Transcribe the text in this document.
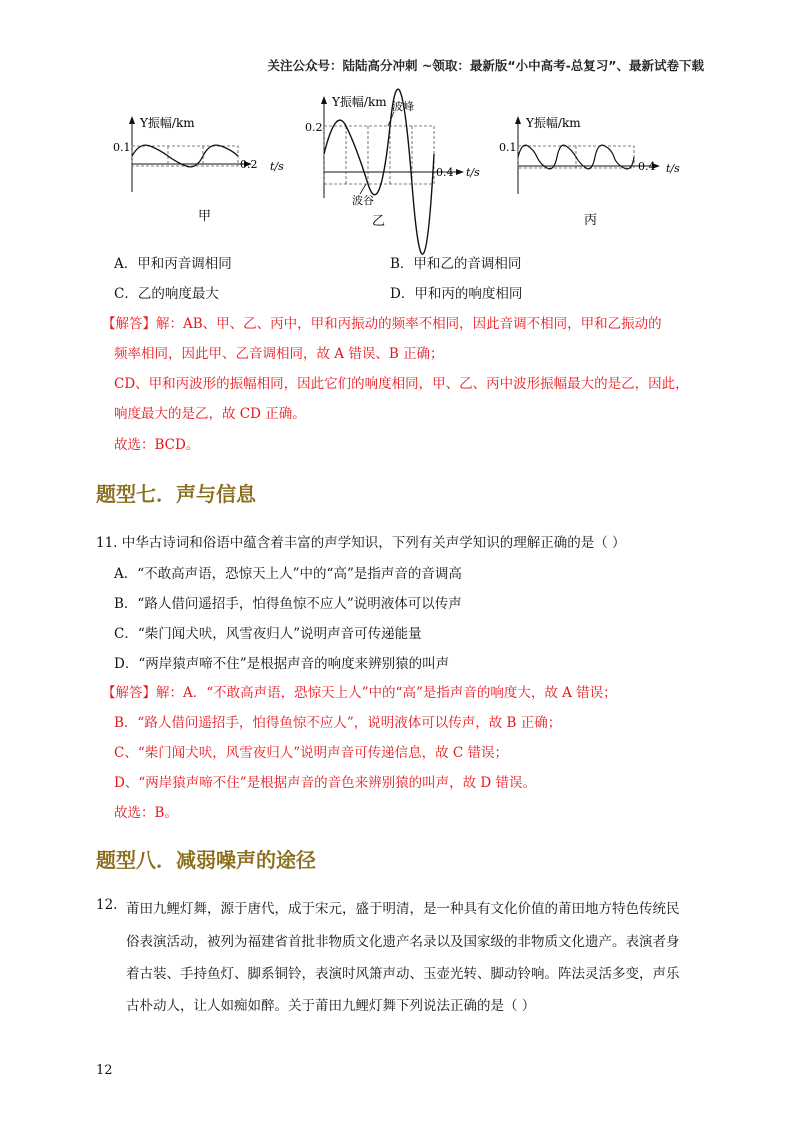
关注公众号：陆陆高分冲刺 ~领取：最新版“小中高考-总复习”、最新试卷下载
Y振幅/km
0.1
0.2 t/s
甲
Y振幅/km
0.2
0.4 t/s
波峰
波谷
乙
Y振幅/km
0.1
0.4 t/s
丙
A．甲和丙音调相同	B．甲和乙的音调相同
C．乙的响度最大	D．甲和丙的响度相同
【解答】解：AB、甲、乙、丙中，甲和丙振动的频率不相同，因此音调不相同，甲和乙振动的
频率相同，因此甲、乙音调相同，故 A 错误、B 正确；
CD、甲和丙波形的振幅相同，因此它们的响度相同，甲、乙、丙中波形振幅最大的是乙，因此，
响度最大的是乙，故 CD 正确。
故选：BCD。
题型七．声与信息
11. 中华古诗词和俗语中蕴含着丰富的声学知识，下列有关声学知识的理解正确的是（ ）
A．“不敢高声语，恐惊天上人”中的“高”是指声音的音调高
B．“路人借问遥招手，怕得鱼惊不应人”说明液体可以传声
C．“柴门闻犬吠，风雪夜归人”说明声音可传递能量
D．“两岸猿声啼不住”是根据声音的响度来辨别猿的叫声
【解答】解：A．“不敢高声语，恐惊天上人”中的“高”是指声音的响度大，故 A 错误；
B．“路人借问遥招手，怕得鱼惊不应人”，说明液体可以传声，故 B 正确；
C、“柴门闻犬吠，风雪夜归人”说明声音可传递信息，故 C 错误；
D、“两岸猿声啼不住”是根据声音的音色来辨别猿的叫声，故 D 错误。
故选：B。
题型八．减弱噪声的途径
12. 莆田九鲤灯舞，源于唐代，成于宋元，盛于明清，是一种具有文化价值的莆田地方特色传统民
俗表演活动，被列为福建省首批非物质文化遗产名录以及国家级的非物质文化遗产。表演者身
着古装、手持鱼灯、脚系铜铃，表演时风箫声动、玉壶光转、脚动铃响。阵法灵活多变，声乐
古朴动人，让人如痴如醉。关于莆田九鲤灯舞下列说法正确的是（ ）
12
